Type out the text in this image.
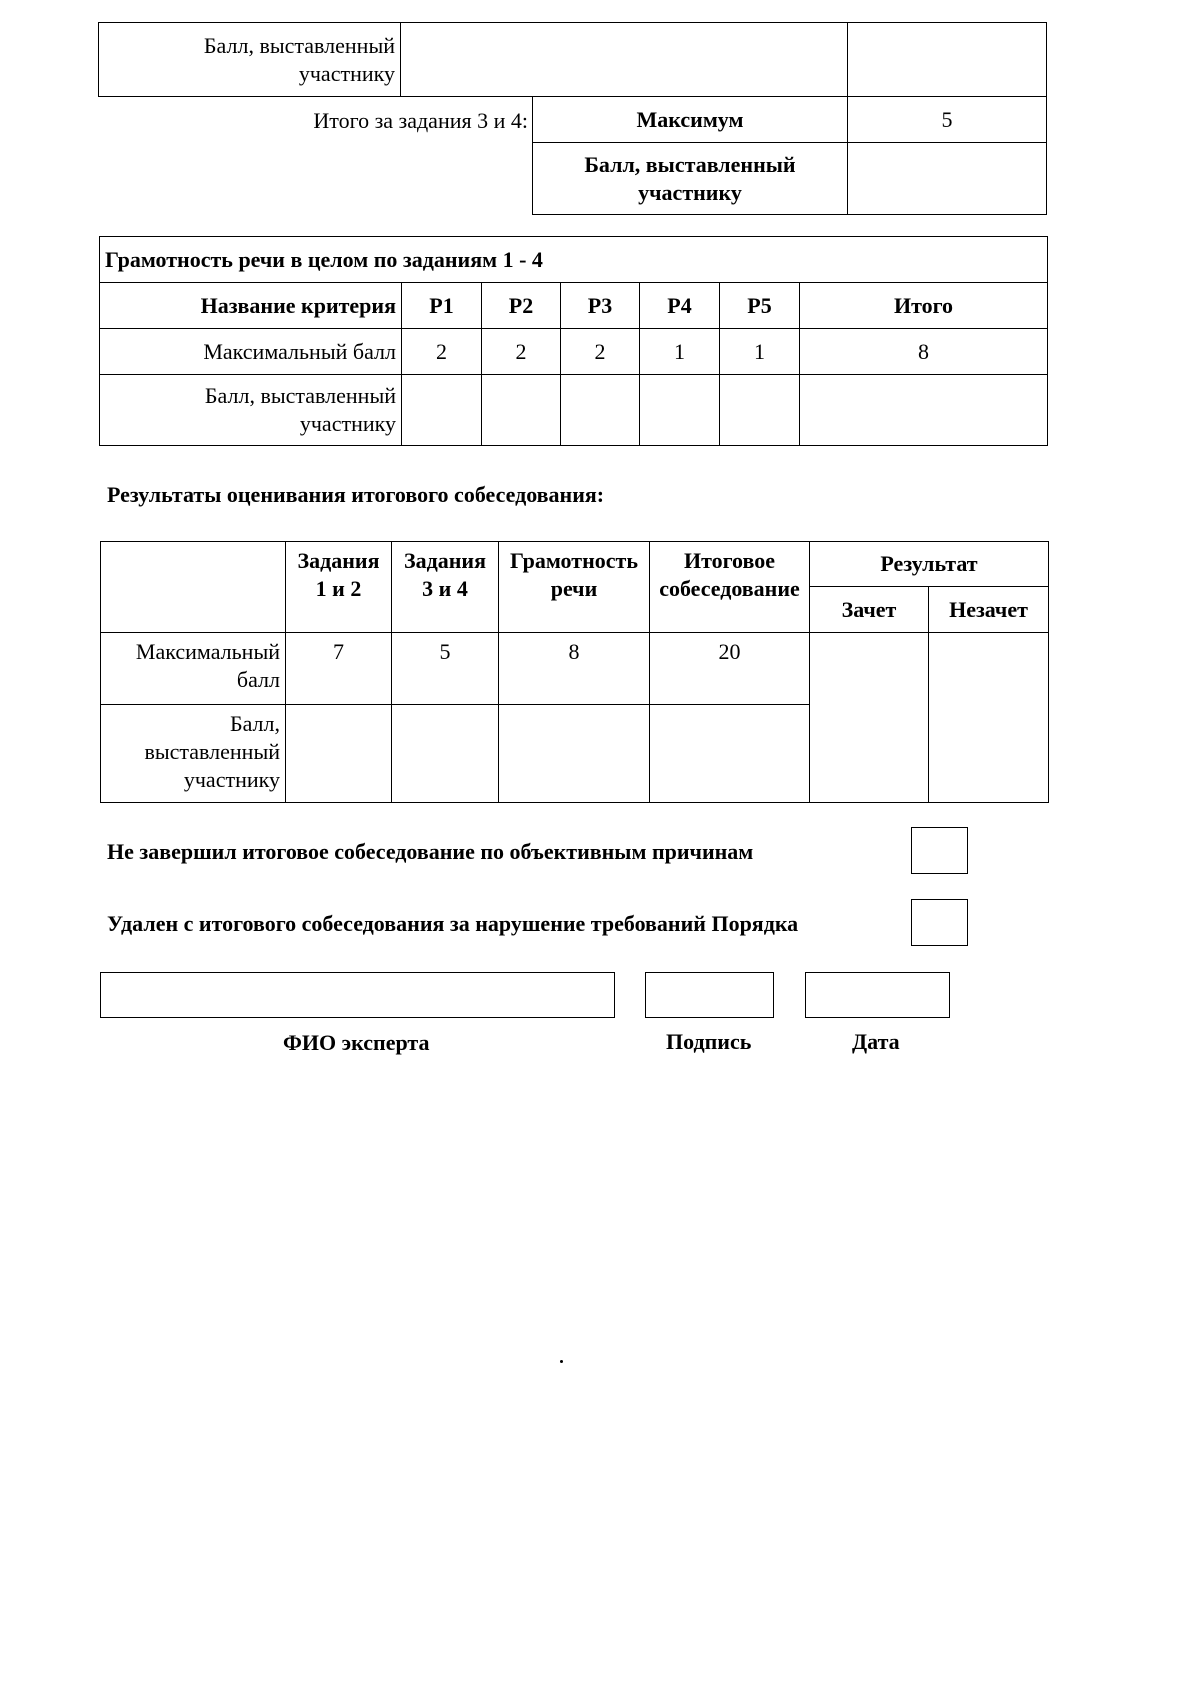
Балл, выставленный участнику		
Итого за задания 3 и 4:	Максимум	5
Балл, выставленный участнику	
Грамотность речи в целом по заданиям 1 - 4						
Название критерия	Р1	Р2	Р3	Р4	Р5	Итого
Максимальный балл	2	2	2	1	1	8
Балл, выставленный участнику						
Результаты оценивания итогового собеседования:
	Задания 1 и 2	Задания 3 и 4	Грамотность речи	Итоговое собеседование	Результат	
					Зачет	Незачет
Максимальный балл	7	5	8	20		
Балл, выставленный участнику						
Не завершил итоговое собеседование по объективным причинам
Удален с итогового собеседования за нарушение требований Порядка
ФИО эксперта	Подпись	Дата
